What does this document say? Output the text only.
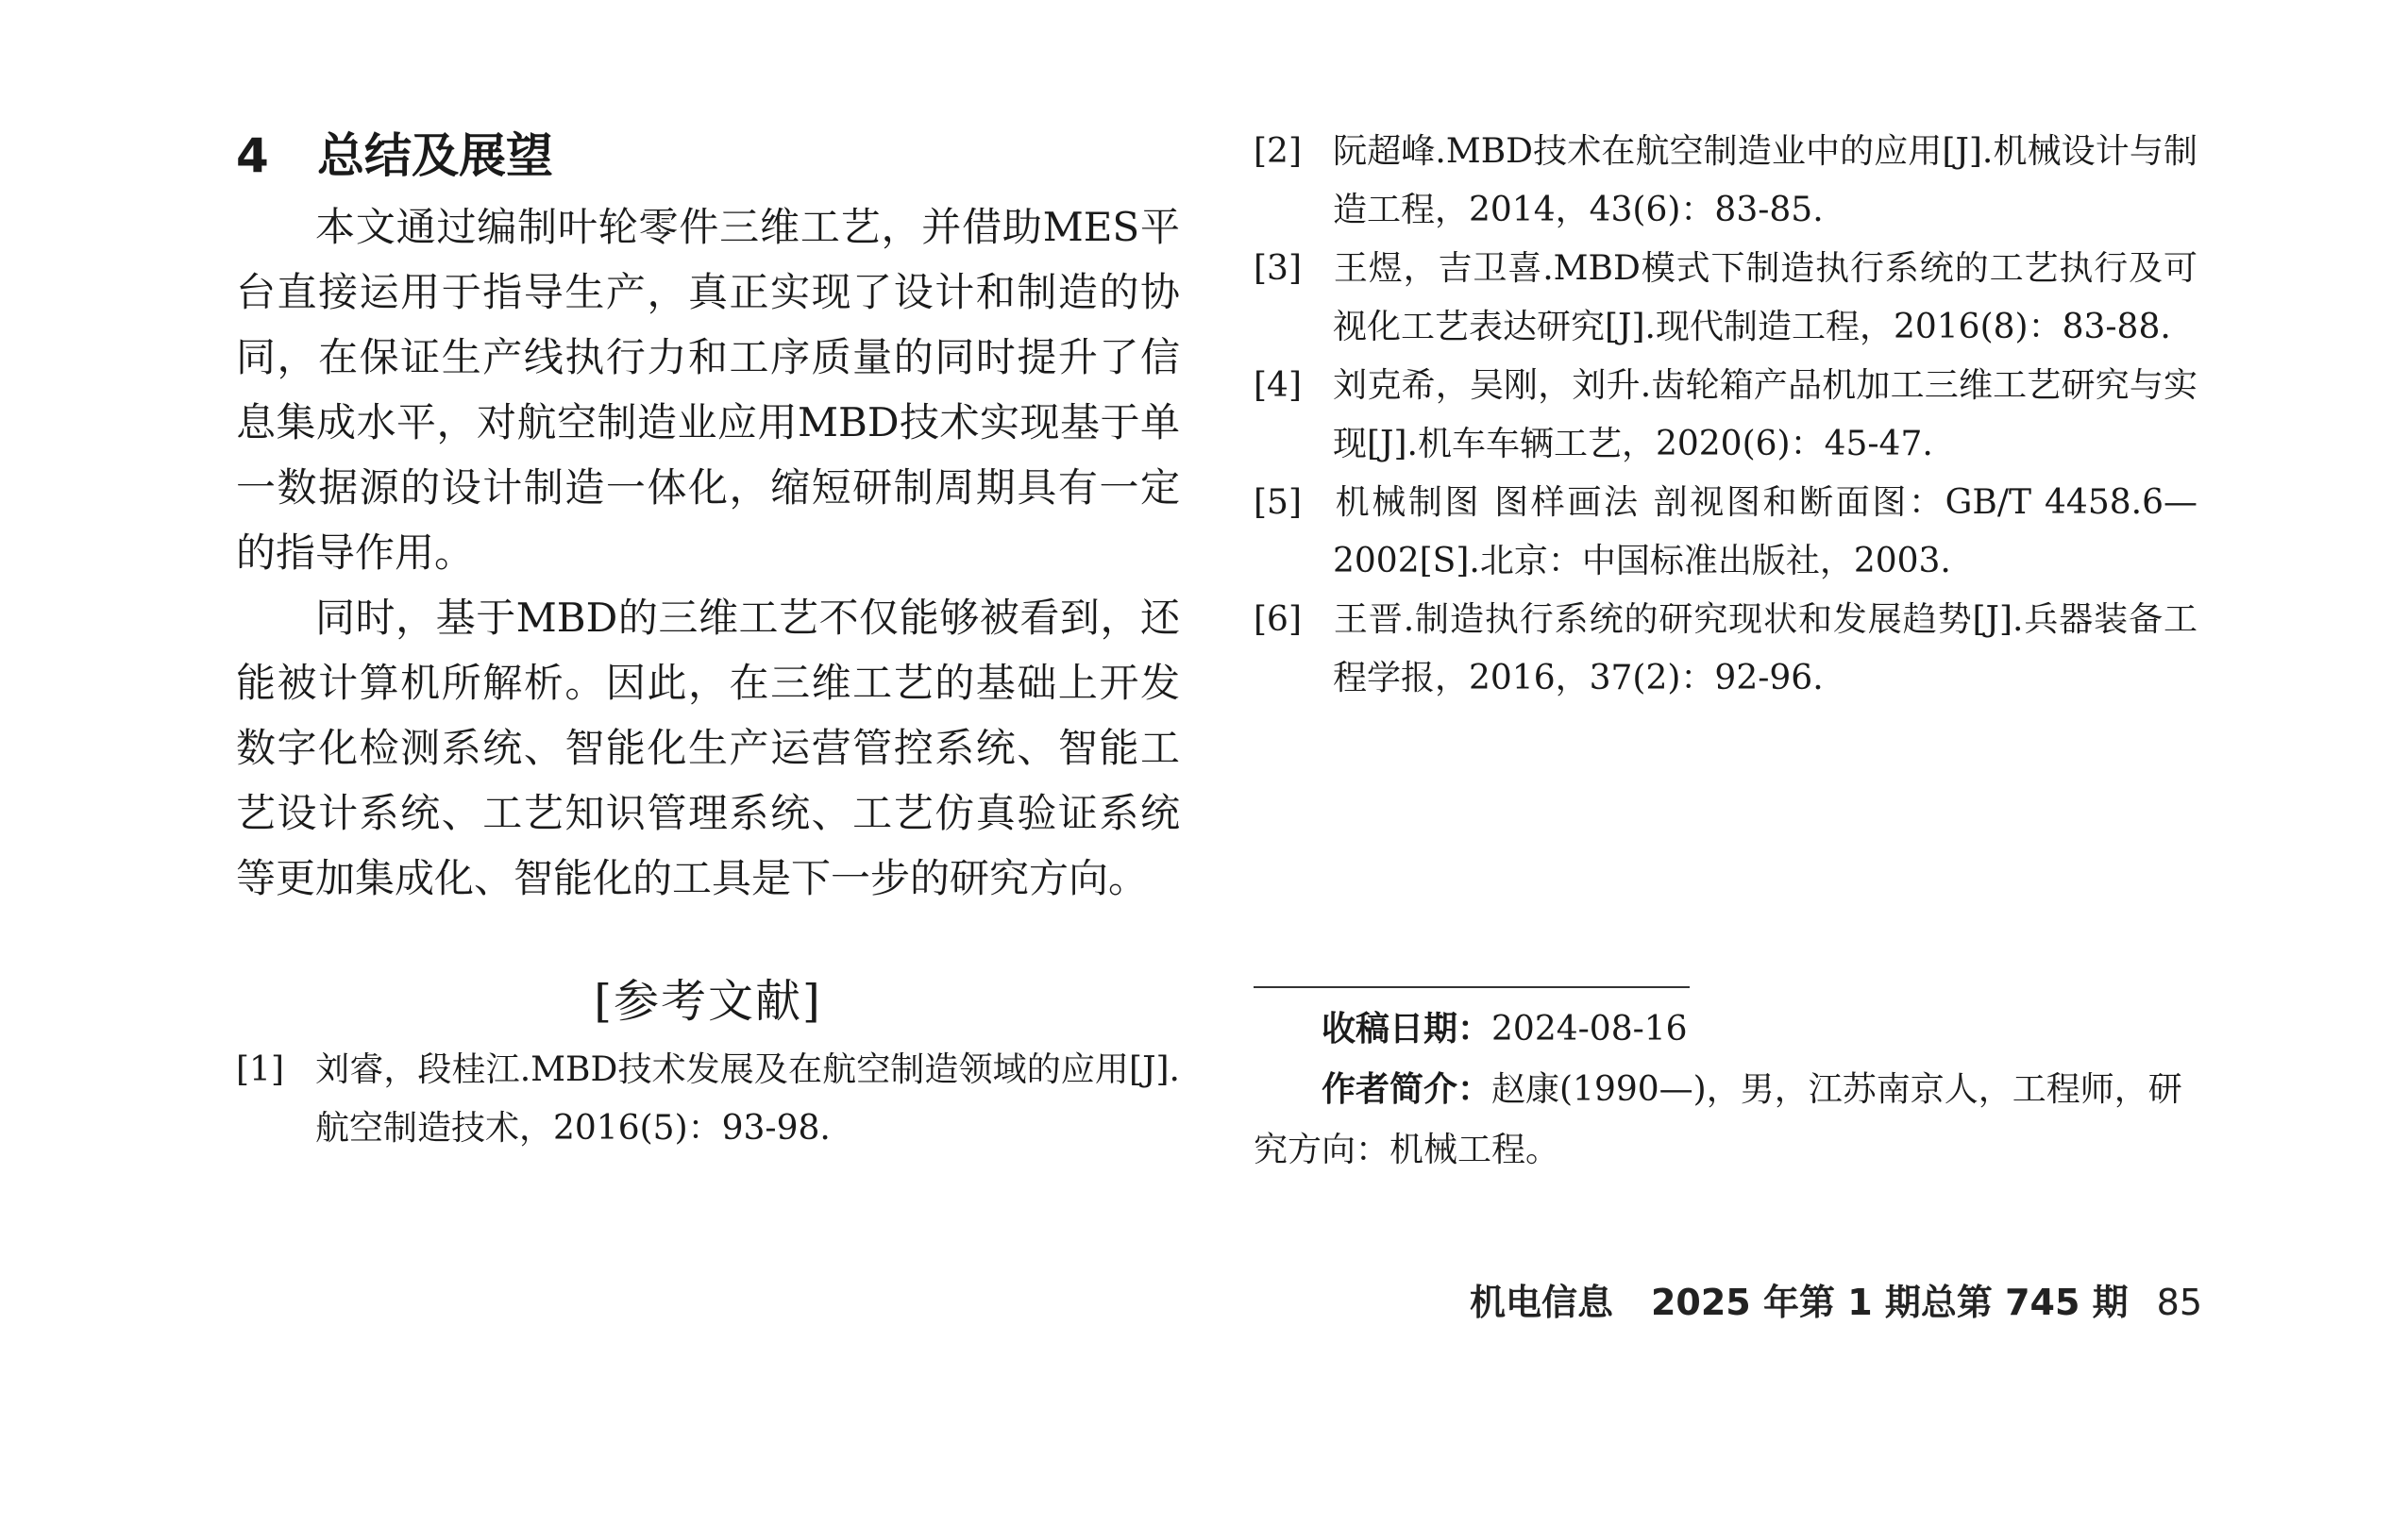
4 总结及展望

本文通过编制叶轮零件三维工艺，并借助MES平台直接运用于指导生产，真正实现了设计和制造的协同，在保证生产线执行力和工序质量的同时提升了信息集成水平，对航空制造业应用MBD技术实现基于单一数据源的设计制造一体化，缩短研制周期具有一定的指导作用。

同时，基于MBD的三维工艺不仅能够被看到，还能被计算机所解析。因此，在三维工艺的基础上开发数字化检测系统、智能化生产运营管控系统、智能工艺设计系统、工艺知识管理系统、工艺仿真验证系统等更加集成化、智能化的工具是下一步的研究方向。

[参考文献]

[1] 刘睿，段桂江.MBD技术发展及在航空制造领域的应用[J].航空制造技术，2016(5)：93-98.

[2] 阮超峰.MBD技术在航空制造业中的应用[J].机械设计与制造工程，2014，43(6)：83-85.

[3] 王煜，吉卫喜.MBD模式下制造执行系统的工艺执行及可视化工艺表达研究[J].现代制造工程，2016(8)：83-88.

[4] 刘克希，吴刚，刘升.齿轮箱产品机加工三维工艺研究与实现[J].机车车辆工艺，2020(6)：45-47.

[5] 机械制图 图样画法 剖视图和断面图：GB/T 4458.6—2002[S].北京：中国标准出版社，2003.

[6] 王晋.制造执行系统的研究现状和发展趋势[J].兵器装备工程学报，2016，37(2)：92-96.

收稿日期：2024-08-16

作者简介：赵康(1990—)，男，江苏南京人，工程师，研究方向：机械工程。

机电信息 2025 年第 1 期总第 745 期 85
